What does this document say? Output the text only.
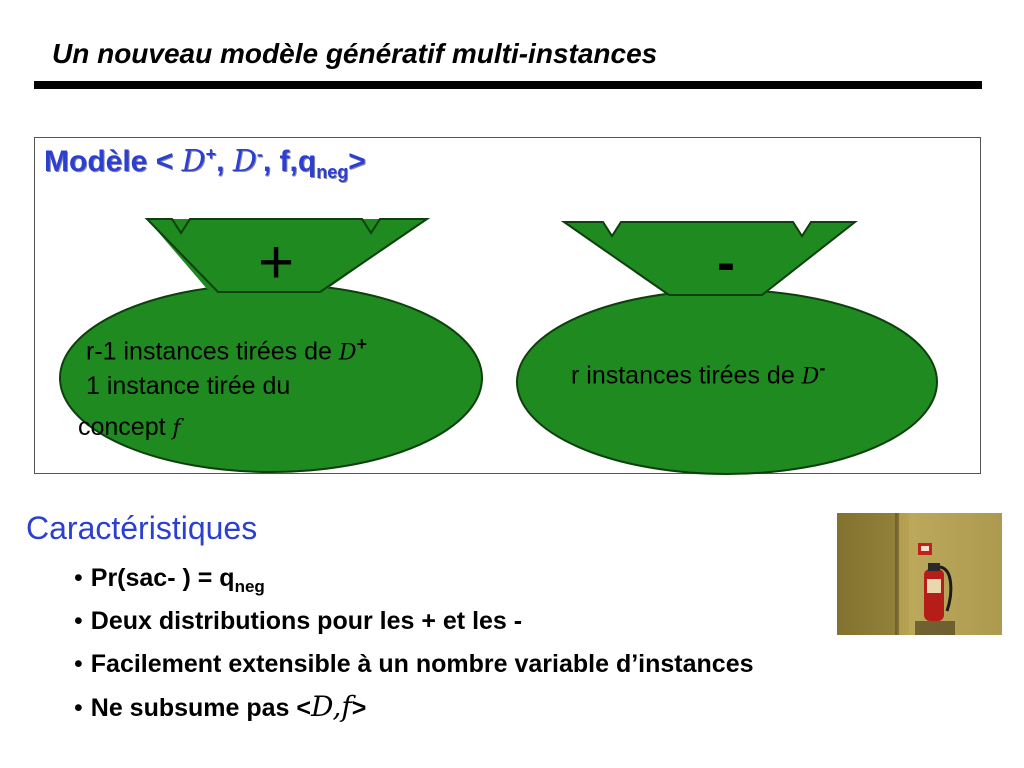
Un nouveau modèle génératif multi-instances
Modèle < D+, D-, $f,q_{neg}>$
+	-
r-1 instances tirées de D+
1 instance tirée du
concept f
r instances tirées de D-
Caractéristiques
• Pr(sac- ) = $q_{neg}$
• Deux distributions pour les + et les -
• Facilement extensible à un nombre variable d’instances
• Ne subsume pas <D,f>
